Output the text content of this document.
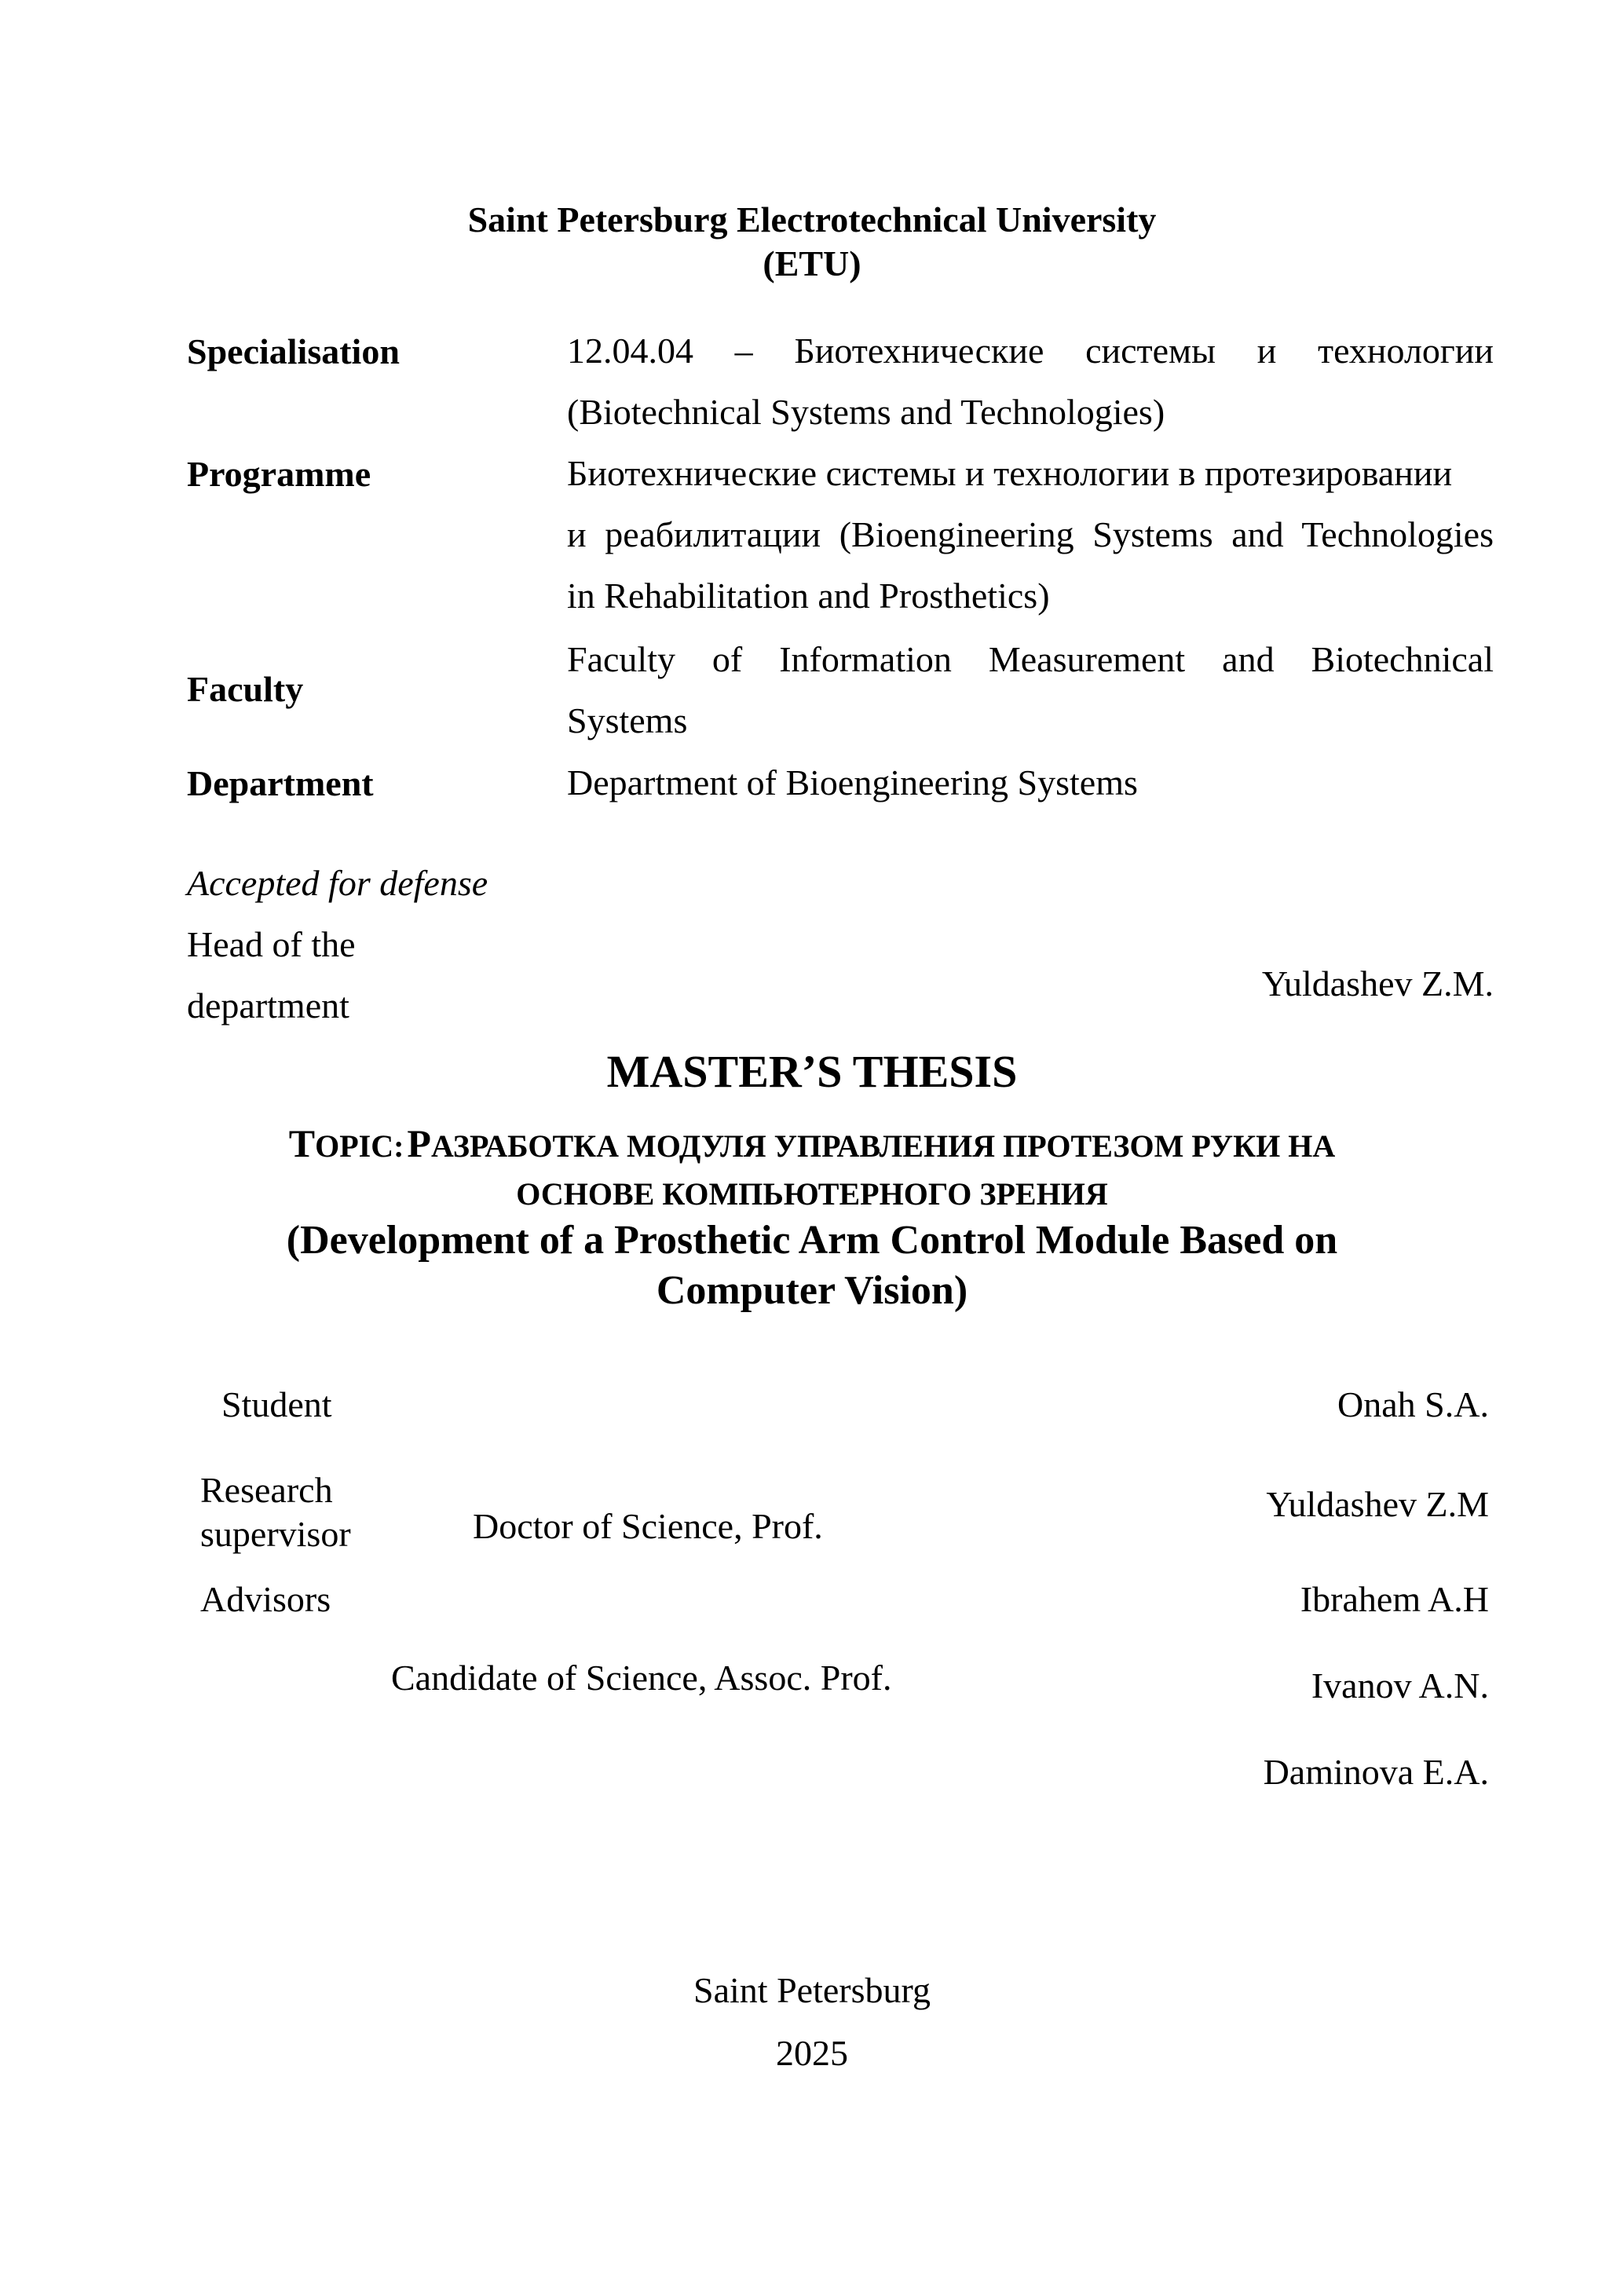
Saint Petersburg Electrotechnical University
(ETU)
Specialisation	12.04.04 – Биотехнические системы и технологии
(Biotechnical Systems and Technologies)
Programme	Биотехнические системы и технологии в протезировании
и реабилитации (Bioengineering Systems and Technologies
in Rehabilitation and Prosthetics)
Faculty
Faculty of Information Measurement and Biotechnical
Systems
Department	Department of Bioengineering Systems
Accepted for defense
Head of the
department
Yuldashev Z.M.
MASTER’S THESIS
TOPIC: РАЗРАБОТКА МОДУЛЯ УПРАВЛЕНИЯ ПРОТЕЗОМ РУКИ НА
ОСНОВЕ КОМПЬЮТЕРНОГО ЗРЕНИЯ
(Development of a Prosthetic Arm Control Module Based on
Computer Vision)
Student	Onah S.A.
Research
supervisor	Doctor of Science, Prof.
Yuldashev Z.M
Advisors	Ibrahem A.H
Candidate of Science, Assoc. Prof.	Ivanov A.N.
Daminova E.A.
Saint Petersburg
2025
